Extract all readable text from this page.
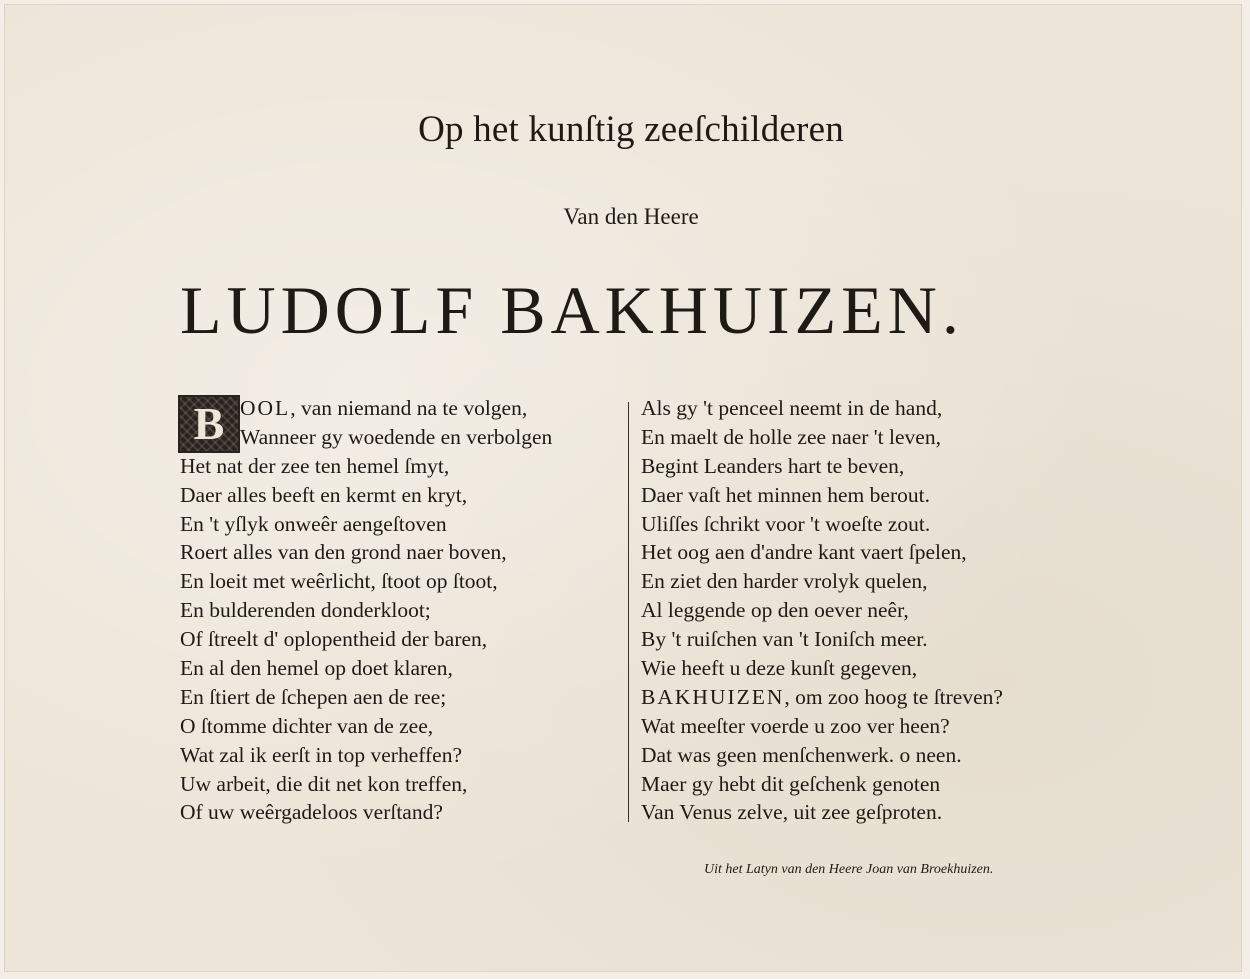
Op het kunſtig zeeſchilderen
Van den Heere
LUDOLF BAKHUIZEN.
B OOL, van niemand na te volgen,
Wanneer gy woedende en verbolgen
Het nat der zee ten hemel ſmyt,
Daer alles beeft en kermt en kryt,
En 't yſlyk onweêr aengeſtoven
Roert alles van den grond naer boven,
En loeit met weêrlicht, ſtoot op ſtoot,
En bulderenden donderkloot;
Of ſtreelt d' oplopentheid der baren,
En al den hemel op doet klaren,
En ſtiert de ſchepen aen de ree;
O ſtomme dichter van de zee,
Wat zal ik eerſt in top verheffen?
Uw arbeit, die dit net kon treffen,
Of uw weêrgadeloos verſtand?
Als gy 't penceel neemt in de hand,
En maelt de holle zee naer 't leven,
Begint Leanders hart te beven,
Daer vaſt het minnen hem berout.
Uliſſes ſchrikt voor 't woeſte zout.
Het oog aen d'andre kant vaert ſpelen,
En ziet den harder vrolyk quelen,
Al leggende op den oever neêr,
By 't ruiſchen van 't Ioniſch meer.
Wie heeft u deze kunſt gegeven,
BAKHUIZEN, om zoo hoog te ſtreven?
Wat meeſter voerde u zoo ver heen?
Dat was geen menſchenwerk. o neen.
Maer gy hebt dit geſchenk genoten
Van Venus zelve, uit zee geſproten.
Uit het Latyn van den Heere Joan van Broekhuizen.
